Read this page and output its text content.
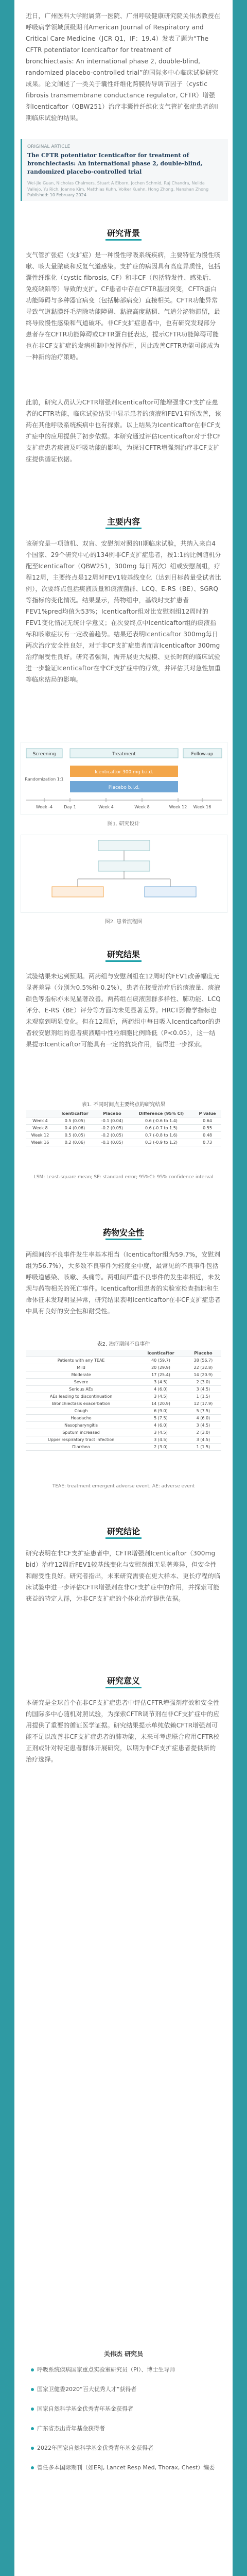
近日，广州医科大学附属第一医院、广州呼吸健康研究院关伟杰教授在呼吸病学领域顶级期刊American Journal of Respiratory and Critical Care Medicine（JCR Q1，IF：19.4）发表了题为“The CFTR potentiator Icenticaftor for treatment of bronchiectasis: An international phase 2, double-blind, randomized placebo-controlled trial”的国际多中心临床试验研究成果。论文阐述了一类关于囊性纤维化跨膜传导调节因子（cystic fibrosis transmembrane conductance regulator, CFTR）增强剂Icenticaftor（QBW251）治疗非囊性纤维化支气管扩张症患者的II期临床试验的结果。
ORIGINAL ARTICLE
The CFTR potentiator Icenticaftor for treatment of bronchiectasis: An international phase 2, double-blind, randomized placebo-controlled trial
Wei-Jie Guan, Nicholas Chalmers, Stuart A Elborn, Jochen Schmid, Raj Chandra, Nelida Vallejo, Yu Rich, Joanne Kim, Matthias Kuhn, Volker Kuehn, Hong Zhong, Nanshan Zhong
Published: 10 February 2024
研究背景
支气管扩张症（支扩症）是一种慢性呼吸系统疾病，主要特征为慢性咳嗽、咳大量脓痰和反复气道感染。支扩症的病因具有高度异质性，包括囊性纤维化（cystic fibrosis, CF）和非CF（包括特发性、感染后、免疫缺陷等）导致的支扩。CF患者中存在CFTR基因突变，CFTR蛋白功能障碍与多种器官病变（包括肺部病变）直接相关。CFTR功能异常导致气道黏膜纤毛清除功能障碍、黏液高度黏稠、气道分泌物滞留，最终导致慢性感染和气道破坏。非CF支扩症患者中，也有研究发现部分患者存在CFTR功能障碍或CFTR蛋白低表达，提示CFTR功能障碍可能也在非CF支扩症的发病机制中发挥作用，因此改善CFTR功能可能成为一种新的治疗策略。
此前，研究人员认为CFTR增强剂Icenticaftor可能增强非CF支扩症患者的CFTR功能，临床试验结果中显示患者的痰液和FEV1有所改善，该药在其他呼吸系统疾病中也有探索。以上结果为Icenticaftor在非CF支扩症中的应用提供了初步依据。本研究通过评估Icenticaftor对于非CF支扩症患者痰液及呼吸功能的影响，为探讨CFTR增强剂治疗非CF支扩症提供循证依据。
主要内容
该研究是一项随机、双盲、安慰剂对照的II期临床试验，共纳入来自4个国家、29个研究中心的134例非CF支扩症患者，按1:1的比例随机分配至Icenticaftor（QBW251，300mg 每日两次）组或安慰剂组，疗程12周，主要终点是12周时FEV1较基线变化（达到目标药量受试者比例），次要终点包括痰液质量和痰液菌群、LCQ、E-RS（BE）、SGRQ等指标的变化情况。结果显示，药物组中，基线时支扩患者FEV1%pred均值为53%；Icenticaftor组对比安慰剂组12周时的FEV1变化情况无统计学意义；在次要终点中Icenticaftor组的痰液指标和咳嗽症状有一定改善趋势。结果还表明Icenticaftor 300mg每日两次治疗安全性良好，对于非CF支扩症患者而言Icenticaftor 300mg治疗耐受性良好。研究者强调，需开展更大规模、更长时间的临床试验进一步验证Icenticaftor在非CF支扩症中的疗效，并评估其对急性加重等临床结局的影响。
Screening	Treatment	Follow-up
Icenticaftor 300 mg b.i.d.
Placebo b.i.d.
Randomization 1:1
Week -4	Day 1	Week 4	Week 8	Week 12 Week 16
图1. 研究设计
图2. 患者流程图
研究结果
试验结果未达到预期。两药组与安慰剂组在12周时的FEV1改善幅度无显著差异（分别为0.5%和-0.2%），患者在接受治疗后的痰液量、痰液颜色等指标亦未见显著改善。两药组在痰液菌群多样性、肺功能、LCQ评分、E-RS（BE）评分等方面均未见显著差异。HRCT影像学指标也未观察到明显变化。但在12周后，两药组中每日吸入Icenticaftor的患者较安慰剂组的患者痰液嗜中性粒细胞比例降低（P<0.05），这一结果提示Icenticaftor可能具有一定的抗炎作用，值得进一步探索。
表1. 不同时间点主要终点的研究结果
	Icenticaftor	Placebo	Difference (95% CI)	P value
Week 4	0.5 (0.05)	-0.1 (0.04)	0.6 (-0.6 to 1.4)	0.64
Week 8	0.4 (0.06)	-0.2 (0.05)	0.6 (-0.7 to 1.5)	0.55
Week 12	0.5 (0.05)	-0.2 (0.05)	0.7 (-0.8 to 1.6)	0.48
Week 16	0.2 (0.06)	-0.1 (0.05)	0.3 (-0.9 to 1.2)	0.73
LSM: Least-square mean; SE: standard error; 95%CI: 95% confidence interval
药物安全性
两组间的不良事件发生率基本相当（Icenticaftor组为59.7%，安慰剂组为56.7%），大多数不良事件为轻度至中度，最常见的不良事件包括呼吸道感染、咳嗽、头痛等。两组间严重不良事件的发生率相近，未发现与药物相关的死亡事件。Icenticaftor组患者的实验室检查指标和生命体征未发现明显异常，研究结果表明Icenticaftor在非CF支扩症患者中具有良好的安全性和耐受性。
表2. 治疗期间不良事件
	Icenticaftor	Placebo
Patients with any TEAE	40 (59.7)	38 (56.7)
Mild	20 (29.9)	22 (32.8)
Moderate	17 (25.4)	14 (20.9)
Severe	3 (4.5)	2 (3.0)
Serious AEs	4 (6.0)	3 (4.5)
AEs leading to discontinuation	3 (4.5)	1 (1.5)
Bronchiectasis exacerbation	14 (20.9)	12 (17.9)
Cough	6 (9.0)	5 (7.5)
Headache	5 (7.5)	4 (6.0)
Nasopharyngitis	4 (6.0)	3 (4.5)
Sputum increased	3 (4.5)	2 (3.0)
Upper respiratory tract infection	3 (4.5)	3 (4.5)
Diarrhea	2 (3.0)	1 (1.5)
TEAE: treatment emergent adverse event; AE: adverse event
研究结论
研究表明在非CF支扩症患者中，CFTR增强剂Icenticaftor（300mg bid）治疗12周后FEV1较基线变化与安慰剂组无显著差异，但安全性和耐受性良好。研究者指出，未来研究需要在更大样本、更长疗程的临床试验中进一步评估CFTR增强剂在非CF支扩症中的作用，并探索可能获益的特定人群，为非CF支扩症的个体化治疗提供依据。
研究意义
本研究是全球首个在非CF支扩症患者中评估CFTR增强剂疗效和安全性的国际多中心随机对照试验，为探索CFTR调节剂在非CF支扩症中的应用提供了重要的循证医学证据。研究结果提示单纯依赖CFTR增强剂可能不足以改善非CF支扩症患者的肺功能，未来可考虑联合应用CFTR校正剂或针对特定患者群体开展研究，以期为非CF支扩症患者提供新的治疗选择。
关伟杰 研究员
呼吸系统疾病国家重点实验室研究员（PI）、博士生导师
国家卫健委2020“百大优秀人才”获得者
国家自然科学基金优秀青年基金获得者
广东省杰出青年基金获得者
2022年国家自然科学基金优秀青年基金获得者
曾任多本国际期刊（如ERJ, Lancet Resp Med, Thorax, Chest）编委
